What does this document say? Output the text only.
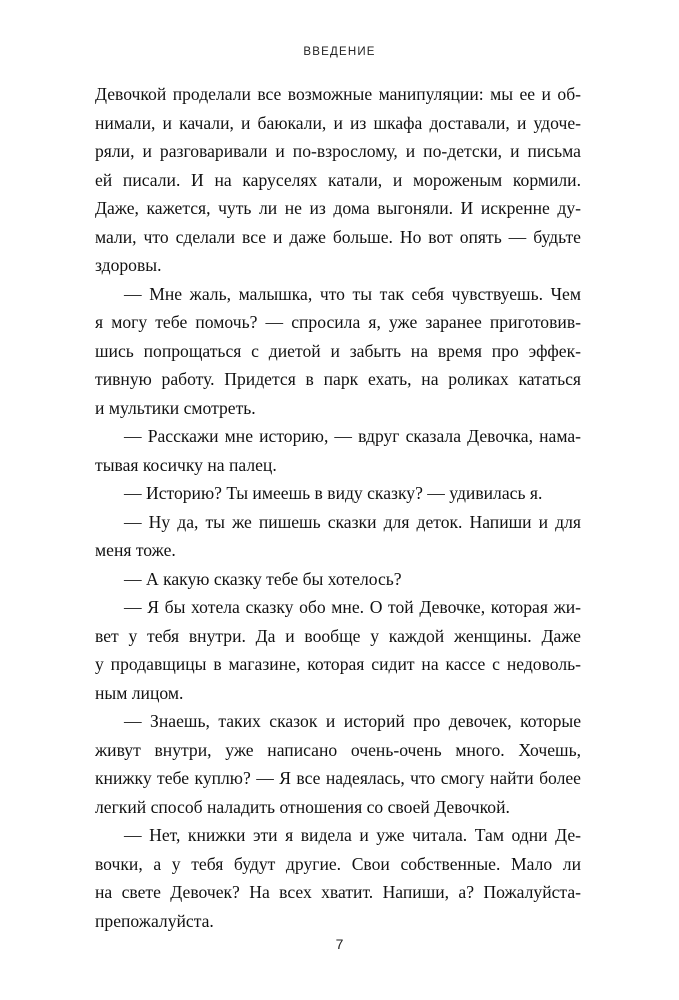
ВВЕДЕНИЕ
Девочкой проделали все возможные манипуляции: мы ее и об-
нимали, и качали, и баюкали, и из шкафа доставали, и удоче-
ряли, и разговаривали и по-взрослому, и по-детски, и письма
ей писали. И на каруселях катали, и мороженым кормили.
Даже, кажется, чуть ли не из дома выгоняли. И искренне ду-
мали, что сделали все и даже больше. Но вот опять — будьте
здоровы.
— Мне жаль, малышка, что ты так себя чувствуешь. Чем
я могу тебе помочь? — спросила я, уже заранее приготовив-
шись попрощаться с диетой и забыть на время про эффек-
тивную работу. Придется в парк ехать, на роликах кататься
и мультики смотреть.
— Расскажи мне историю, — вдруг сказала Девочка, нама-
тывая косичку на палец.
— Историю? Ты имеешь в виду сказку? — удивилась я.
— Ну да, ты же пишешь сказки для деток. Напиши и для
меня тоже.
— А какую сказку тебе бы хотелось?
— Я бы хотела сказку обо мне. О той Девочке, которая жи-
вет у тебя внутри. Да и вообще у каждой женщины. Даже
у продавщицы в магазине, которая сидит на кассе с недоволь-
ным лицом.
— Знаешь, таких сказок и историй про девочек, которые
живут внутри, уже написано очень-очень много. Хочешь,
книжку тебе куплю? — Я все надеялась, что смогу найти более
легкий способ наладить отношения со своей Девочкой.
— Нет, книжки эти я видела и уже читала. Там одни Де-
вочки, а у тебя будут другие. Свои собственные. Мало ли
на свете Девочек? На всех хватит. Напиши, а? Пожалуйста-
препожалуйста.
7
